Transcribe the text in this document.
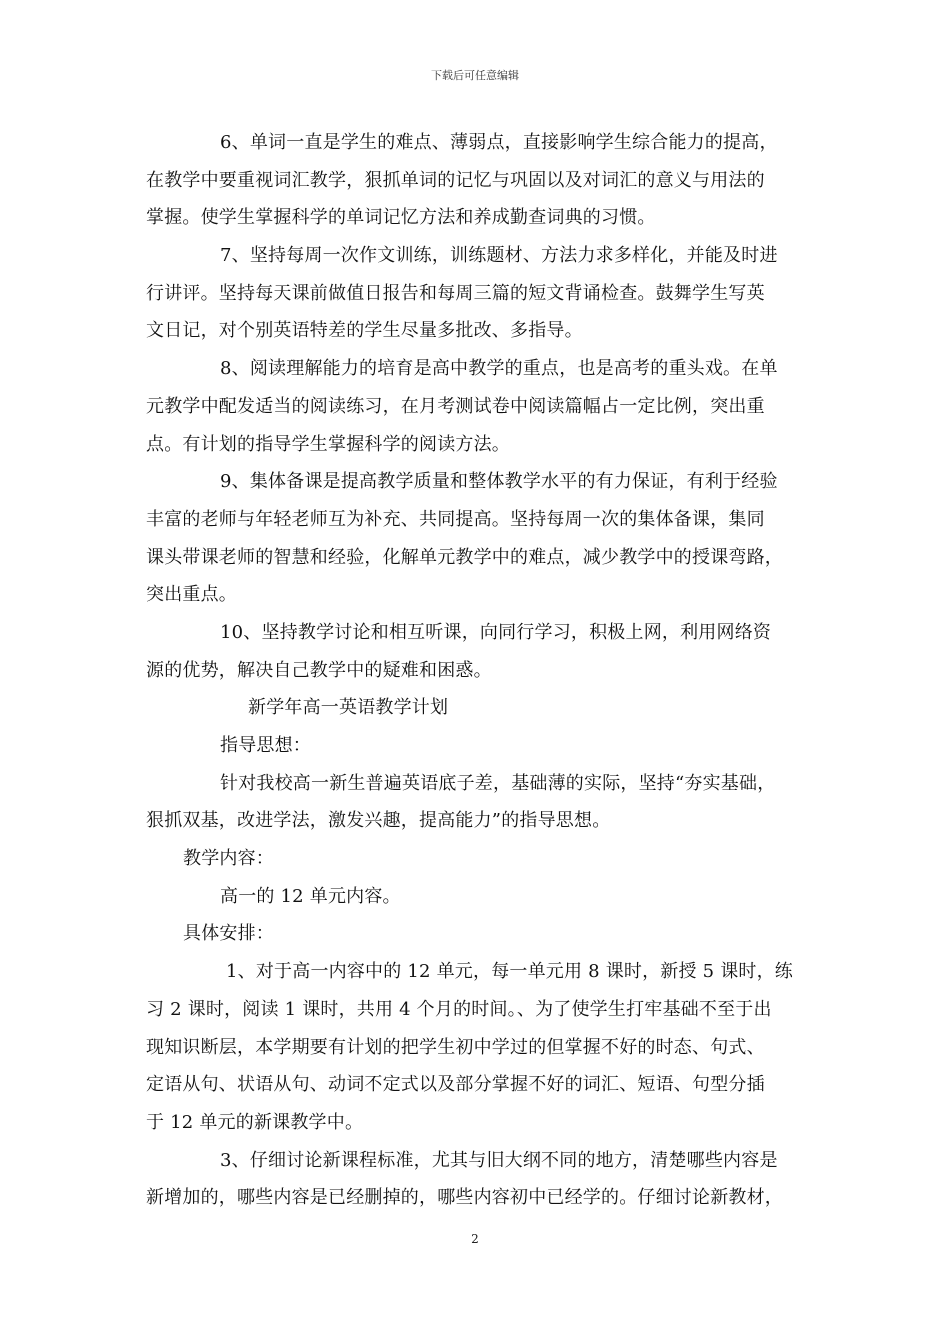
下载后可任意编辑
6、单词一直是学生的难点、薄弱点，直接影响学生综合能力的提高，
在教学中要重视词汇教学，狠抓单词的记忆与巩固以及对词汇的意义与用法的
掌握。使学生掌握科学的单词记忆方法和养成勤查词典的习惯。
7、坚持每周一次作文训练，训练题材、方法力求多样化，并能及时进
行讲评。坚持每天课前做值日报告和每周三篇的短文背诵检查。鼓舞学生写英
文日记，对个别英语特差的学生尽量多批改、多指导。
8、阅读理解能力的培育是高中教学的重点，也是高考的重头戏。在单
元教学中配发适当的阅读练习，在月考测试卷中阅读篇幅占一定比例，突出重
点。有计划的指导学生掌握科学的阅读方法。
9、集体备课是提高教学质量和整体教学水平的有力保证，有利于经验
丰富的老师与年轻老师互为补充、共同提高。坚持每周一次的集体备课，集同
课头带课老师的智慧和经验，化解单元教学中的难点，减少教学中的授课弯路，
突出重点。
10、坚持教学讨论和相互听课，向同行学习，积极上网，利用网络资
源的优势，解决自己教学中的疑难和困惑。
新学年高一英语教学计划
指导思想：
针对我校高一新生普遍英语底子差，基础薄的实际，坚持“夯实基础，
狠抓双基，改进学法，激发兴趣，提高能力”的指导思想。
教学内容：
高一的 12 单元内容。
具体安排：
1、对于高一内容中的 12 单元，每一单元用 8 课时，新授 5 课时，练
习 2 课时，阅读 1 课时，共用 4 个月的时间。、为了使学生打牢基础不至于出
现知识断层，本学期要有计划的把学生初中学过的但掌握不好的时态、句式、
定语从句、状语从句、动词不定式以及部分掌握不好的词汇、短语、句型分插
于 12 单元的新课教学中。
3、仔细讨论新课程标准，尤其与旧大纲不同的地方，清楚哪些内容是
新增加的，哪些内容是已经删掉的，哪些内容初中已经学的。仔细讨论新教材，
2
